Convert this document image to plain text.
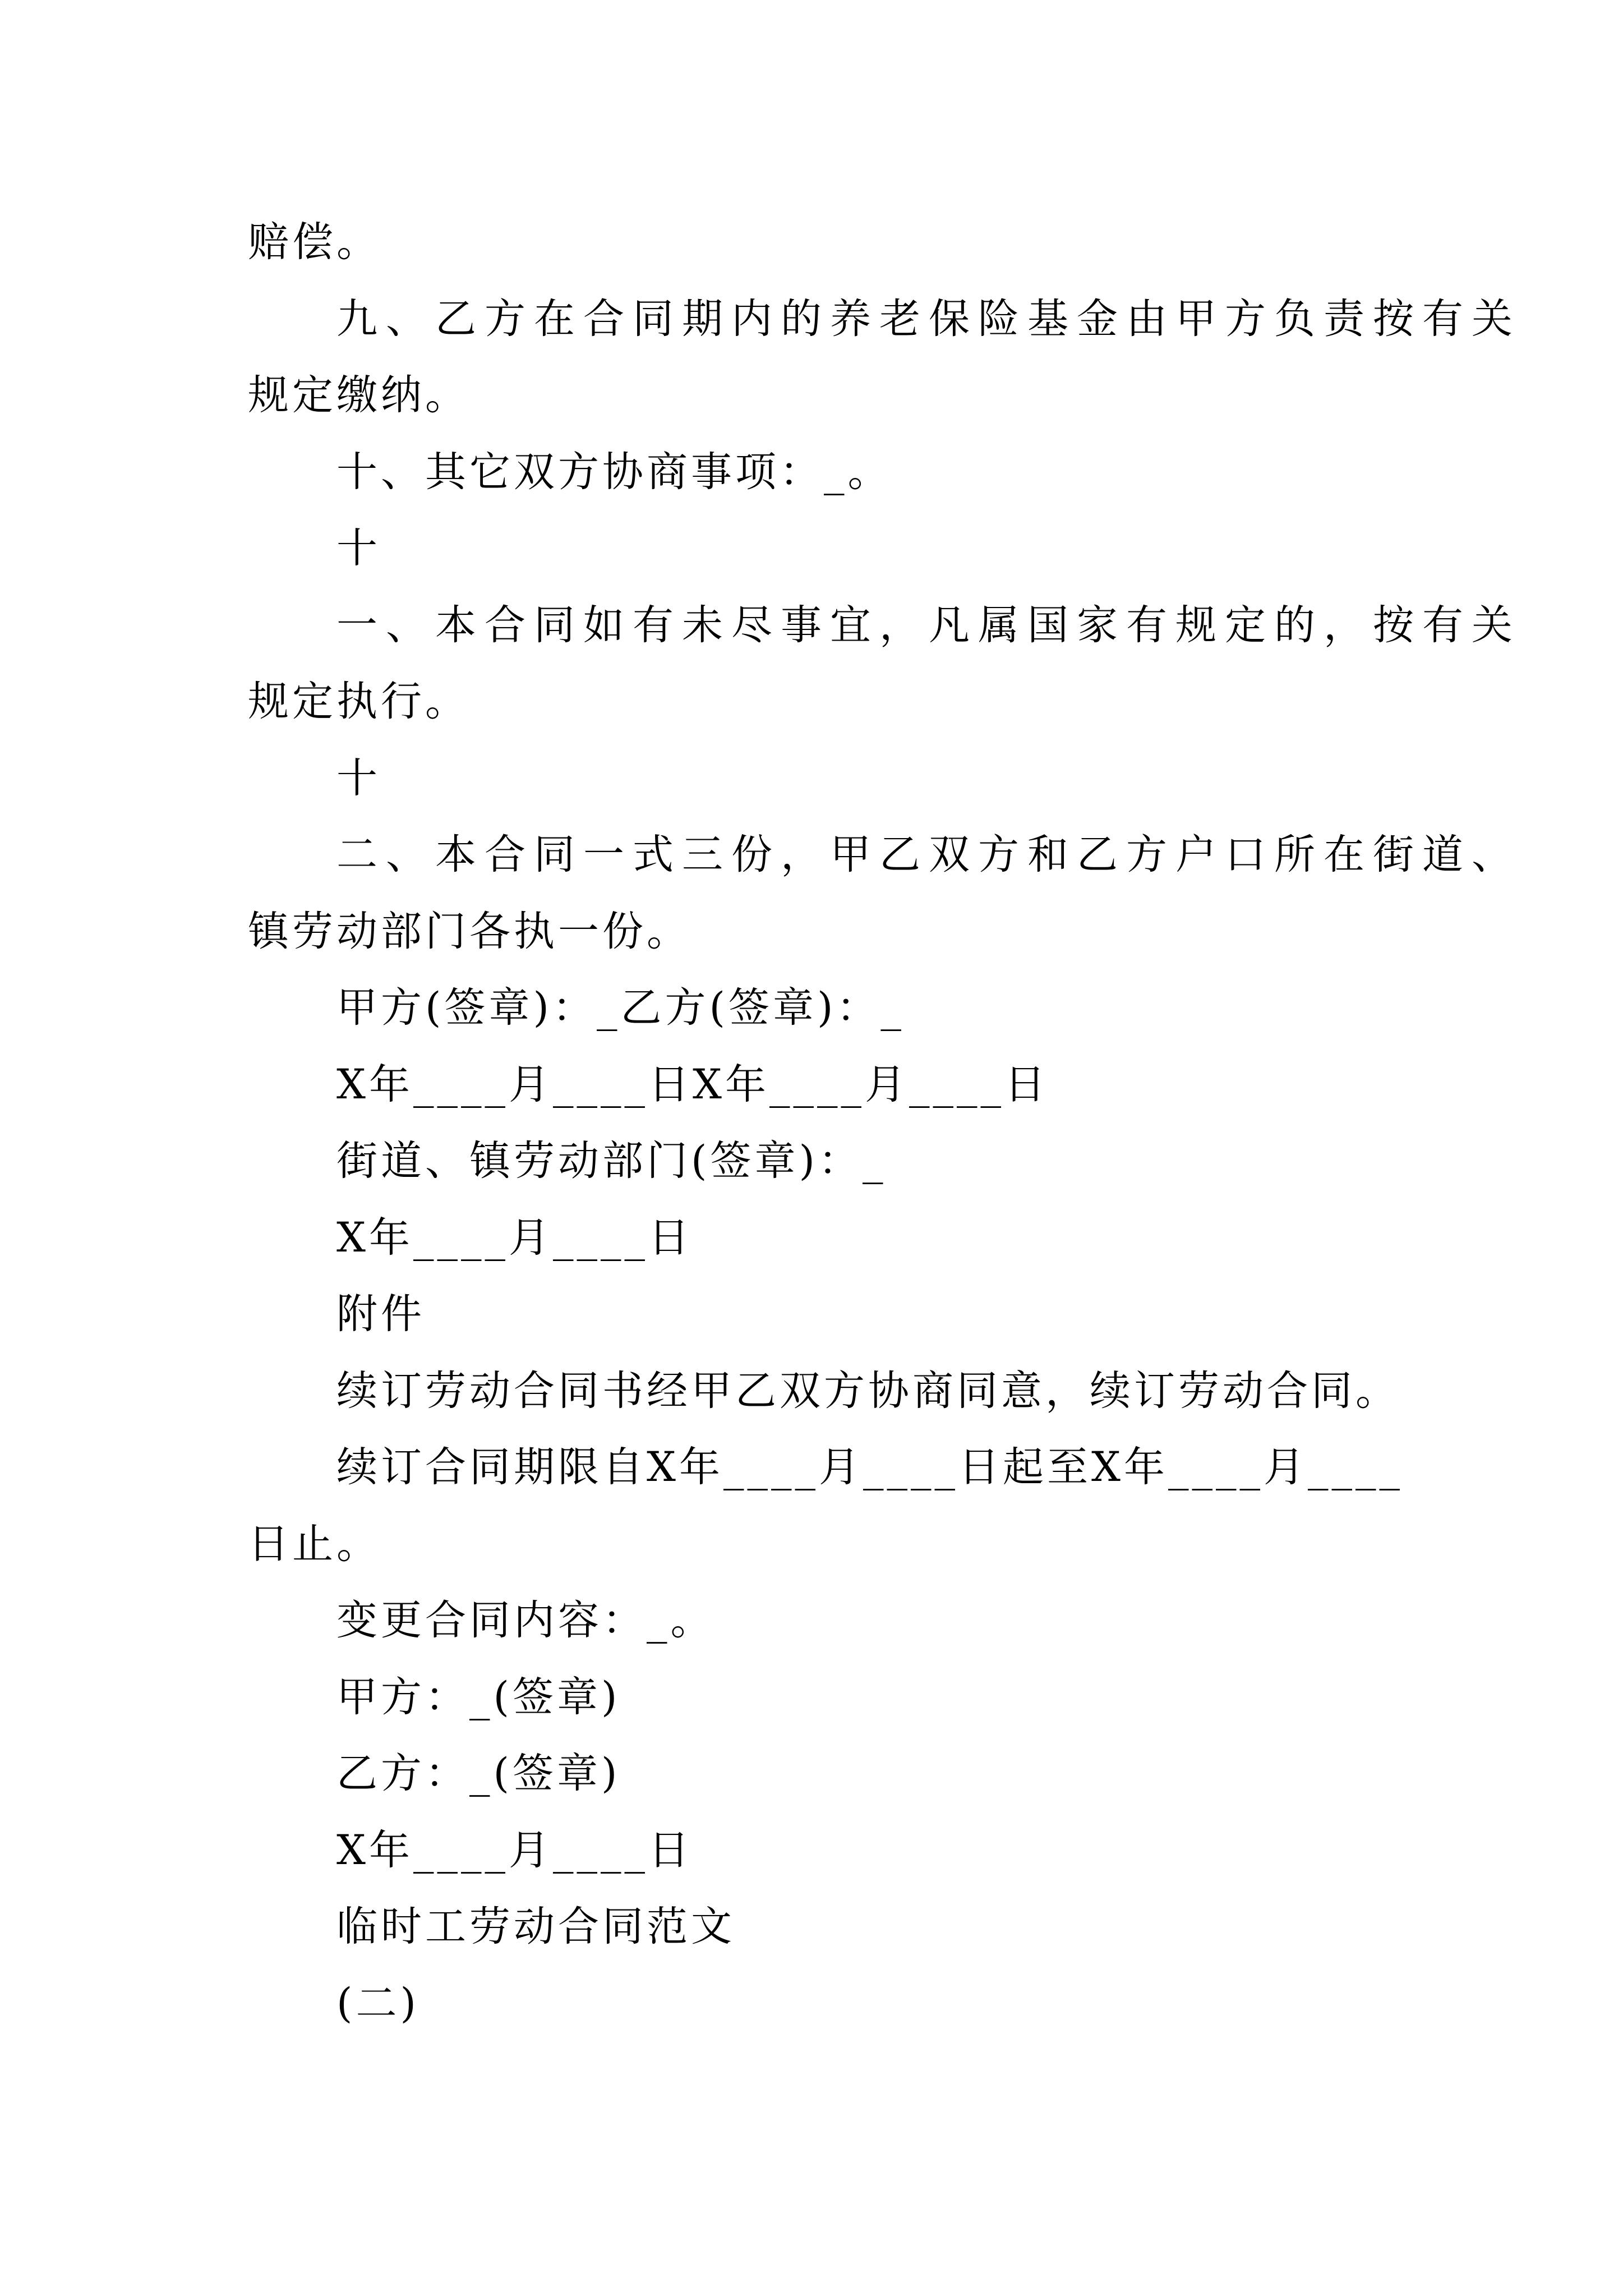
赔偿。
九、乙方在合同期内的养老保险基金由甲方负责按有关
规定缴纳。
十、其它双方协商事项：_。
十
一、本合同如有未尽事宜，凡属国家有规定的，按有关
规定执行。
十
二、本合同一式三份，甲乙双方和乙方户口所在街道、
镇劳动部门各执一份。
甲方(签章)：_乙方(签章)：_
X年____月____日X年____月____日
街道、镇劳动部门(签章)：_
X年____月____日
附件
续订劳动合同书经甲乙双方协商同意，续订劳动合同。
续订合同期限自X年____月____日起至X年____月____
日止。
变更合同内容：_。
甲方：_(签章)
乙方：_(签章)
X年____月____日
临时工劳动合同范文
(二)
